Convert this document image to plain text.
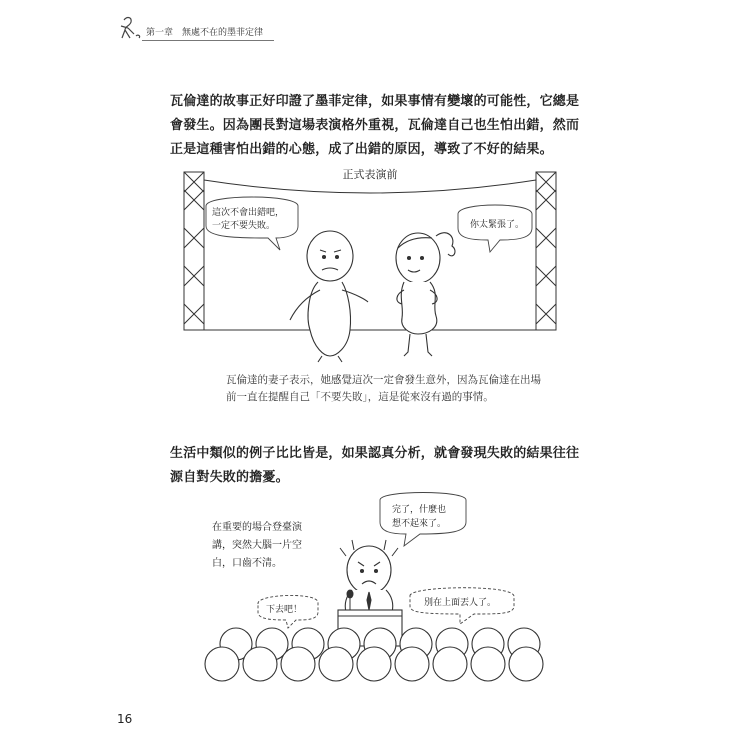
第一章　無處不在的墨菲定律

瓦倫達的故事正好印證了墨菲定律，如果事情有變壞的可能性，它總是會發生。因為團長對這場表演格外重視，瓦倫達自己也生怕出錯，然而正是這種害怕出錯的心態，成了出錯的原因，導致了不好的結果。

正式表演前
這次不會出錯吧，
一定不要失敗。	你太緊張了。

瓦倫達的妻子表示，她感覺這次一定會發生意外，因為瓦倫達在出場前一直在提醒自己「不要失敗」，這是從來沒有過的事情。

生活中類似的例子比比皆是，如果認真分析，就會發現失敗的結果往往源自對失敗的擔憂。

在重要的場合登臺演
講，突然大腦一片空
白，口齒不清。
完了，什麼也
想不起來了。
下去吧！
別在上面丟人了。
16
